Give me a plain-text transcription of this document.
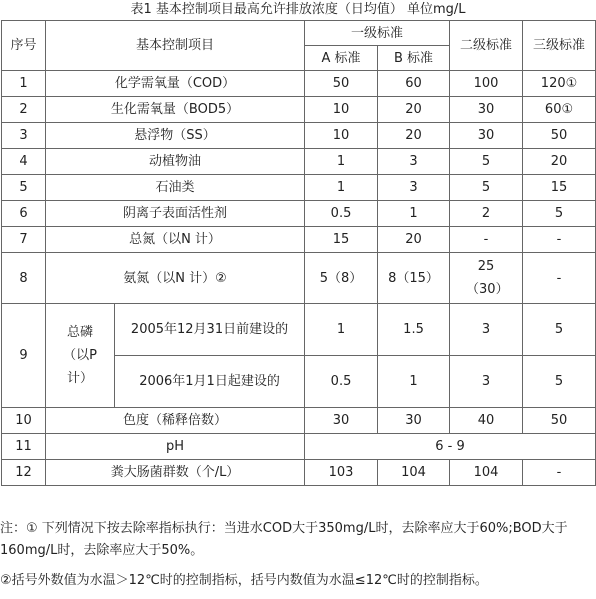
表1 基本控制项目最高允许排放浓度（日均值） 单位mg/L
序号	基本控制项目		一级标准		二级标准	三级标准
			A 标准	B 标准		
1	化学需氧量（COD）		50	60	100	120①
2	生化需氧量（BOD5）		10	20	30	60①
3	悬浮物（SS）		10	20	30	50
4	动植物油		1	3	5	20
5	石油类		1	3	5	15
6	阴离子表面活性剂		0.5	1	2	5
7	总氮（以N 计）		15	20	-	-
8	氨氮（以N 计）②		5（8）	8（15）	25（30）	-
9	总磷（以P 计）	2005年12月31日前建设的	1	1.5	3	5
		2006年1月1日起建设的	0.5	1	3	5
10	色度（稀释倍数）		30	30	40	50
11	pH		6 - 9			
12	粪大肠菌群数（个/L）		103	104	104	-
注：① 下列情况下按去除率指标执行：当进水COD大于350mg/L时，去除率应大于60%;BOD大于160mg/L时，去除率应大于50%。
②括号外数值为水温＞12℃时的控制指标，括号内数值为水温≤12℃时的控制指标。
